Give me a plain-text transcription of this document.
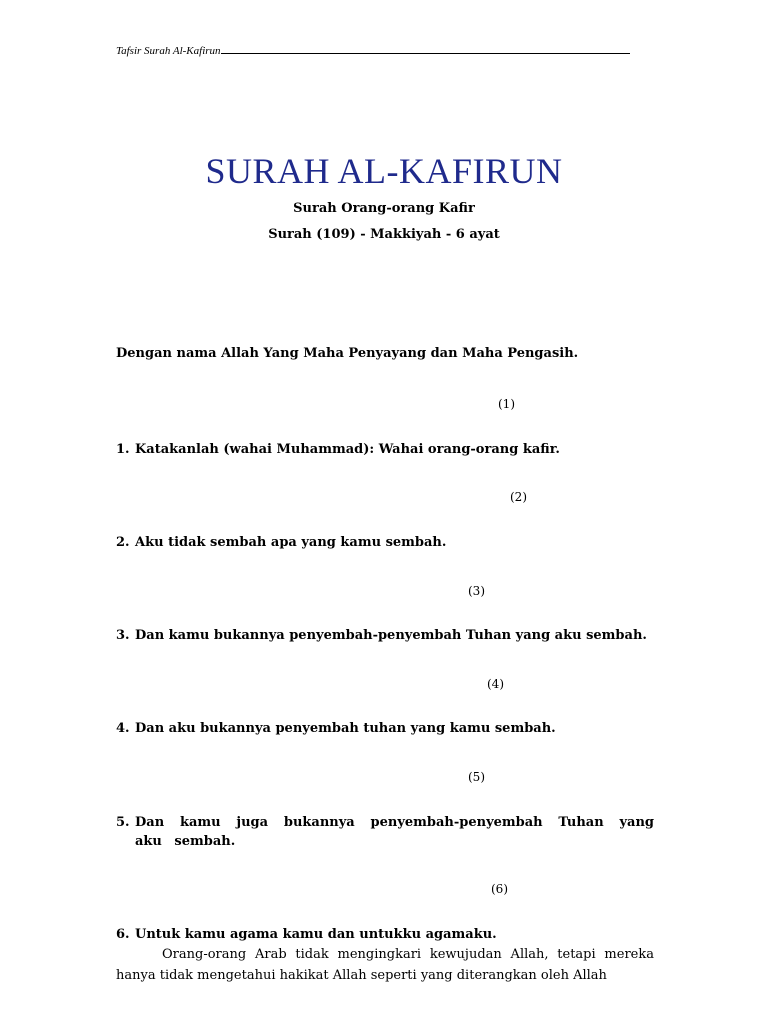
Tafsir Surah Al-Kafirun
SURAH AL-KAFIRUN
Surah Orang-orang Kafir
Surah (109) - Makkiyah - 6 ayat
Dengan nama Allah Yang Maha Penyayang dan Maha Pengasih.
(1)
1. Katakanlah (wahai Muhammad): Wahai orang-orang kafir.
(2)
2. Aku tidak sembah apa yang kamu sembah.
(3)
3. Dan kamu bukannya penyembah-penyembah Tuhan yang aku sembah.
(4)
4. Dan aku bukannya penyembah tuhan yang kamu sembah.
(5)
5. Dan kamu juga bukannya penyembah-penyembah Tuhan yang aku sembah.
(6)
6. Untuk kamu agama kamu dan untukku agamaku.
Orang-orang Arab tidak mengingkari kewujudan Allah, tetapi mereka hanya tidak mengetahui hakikat Allah seperti yang diterangkan oleh Allah
